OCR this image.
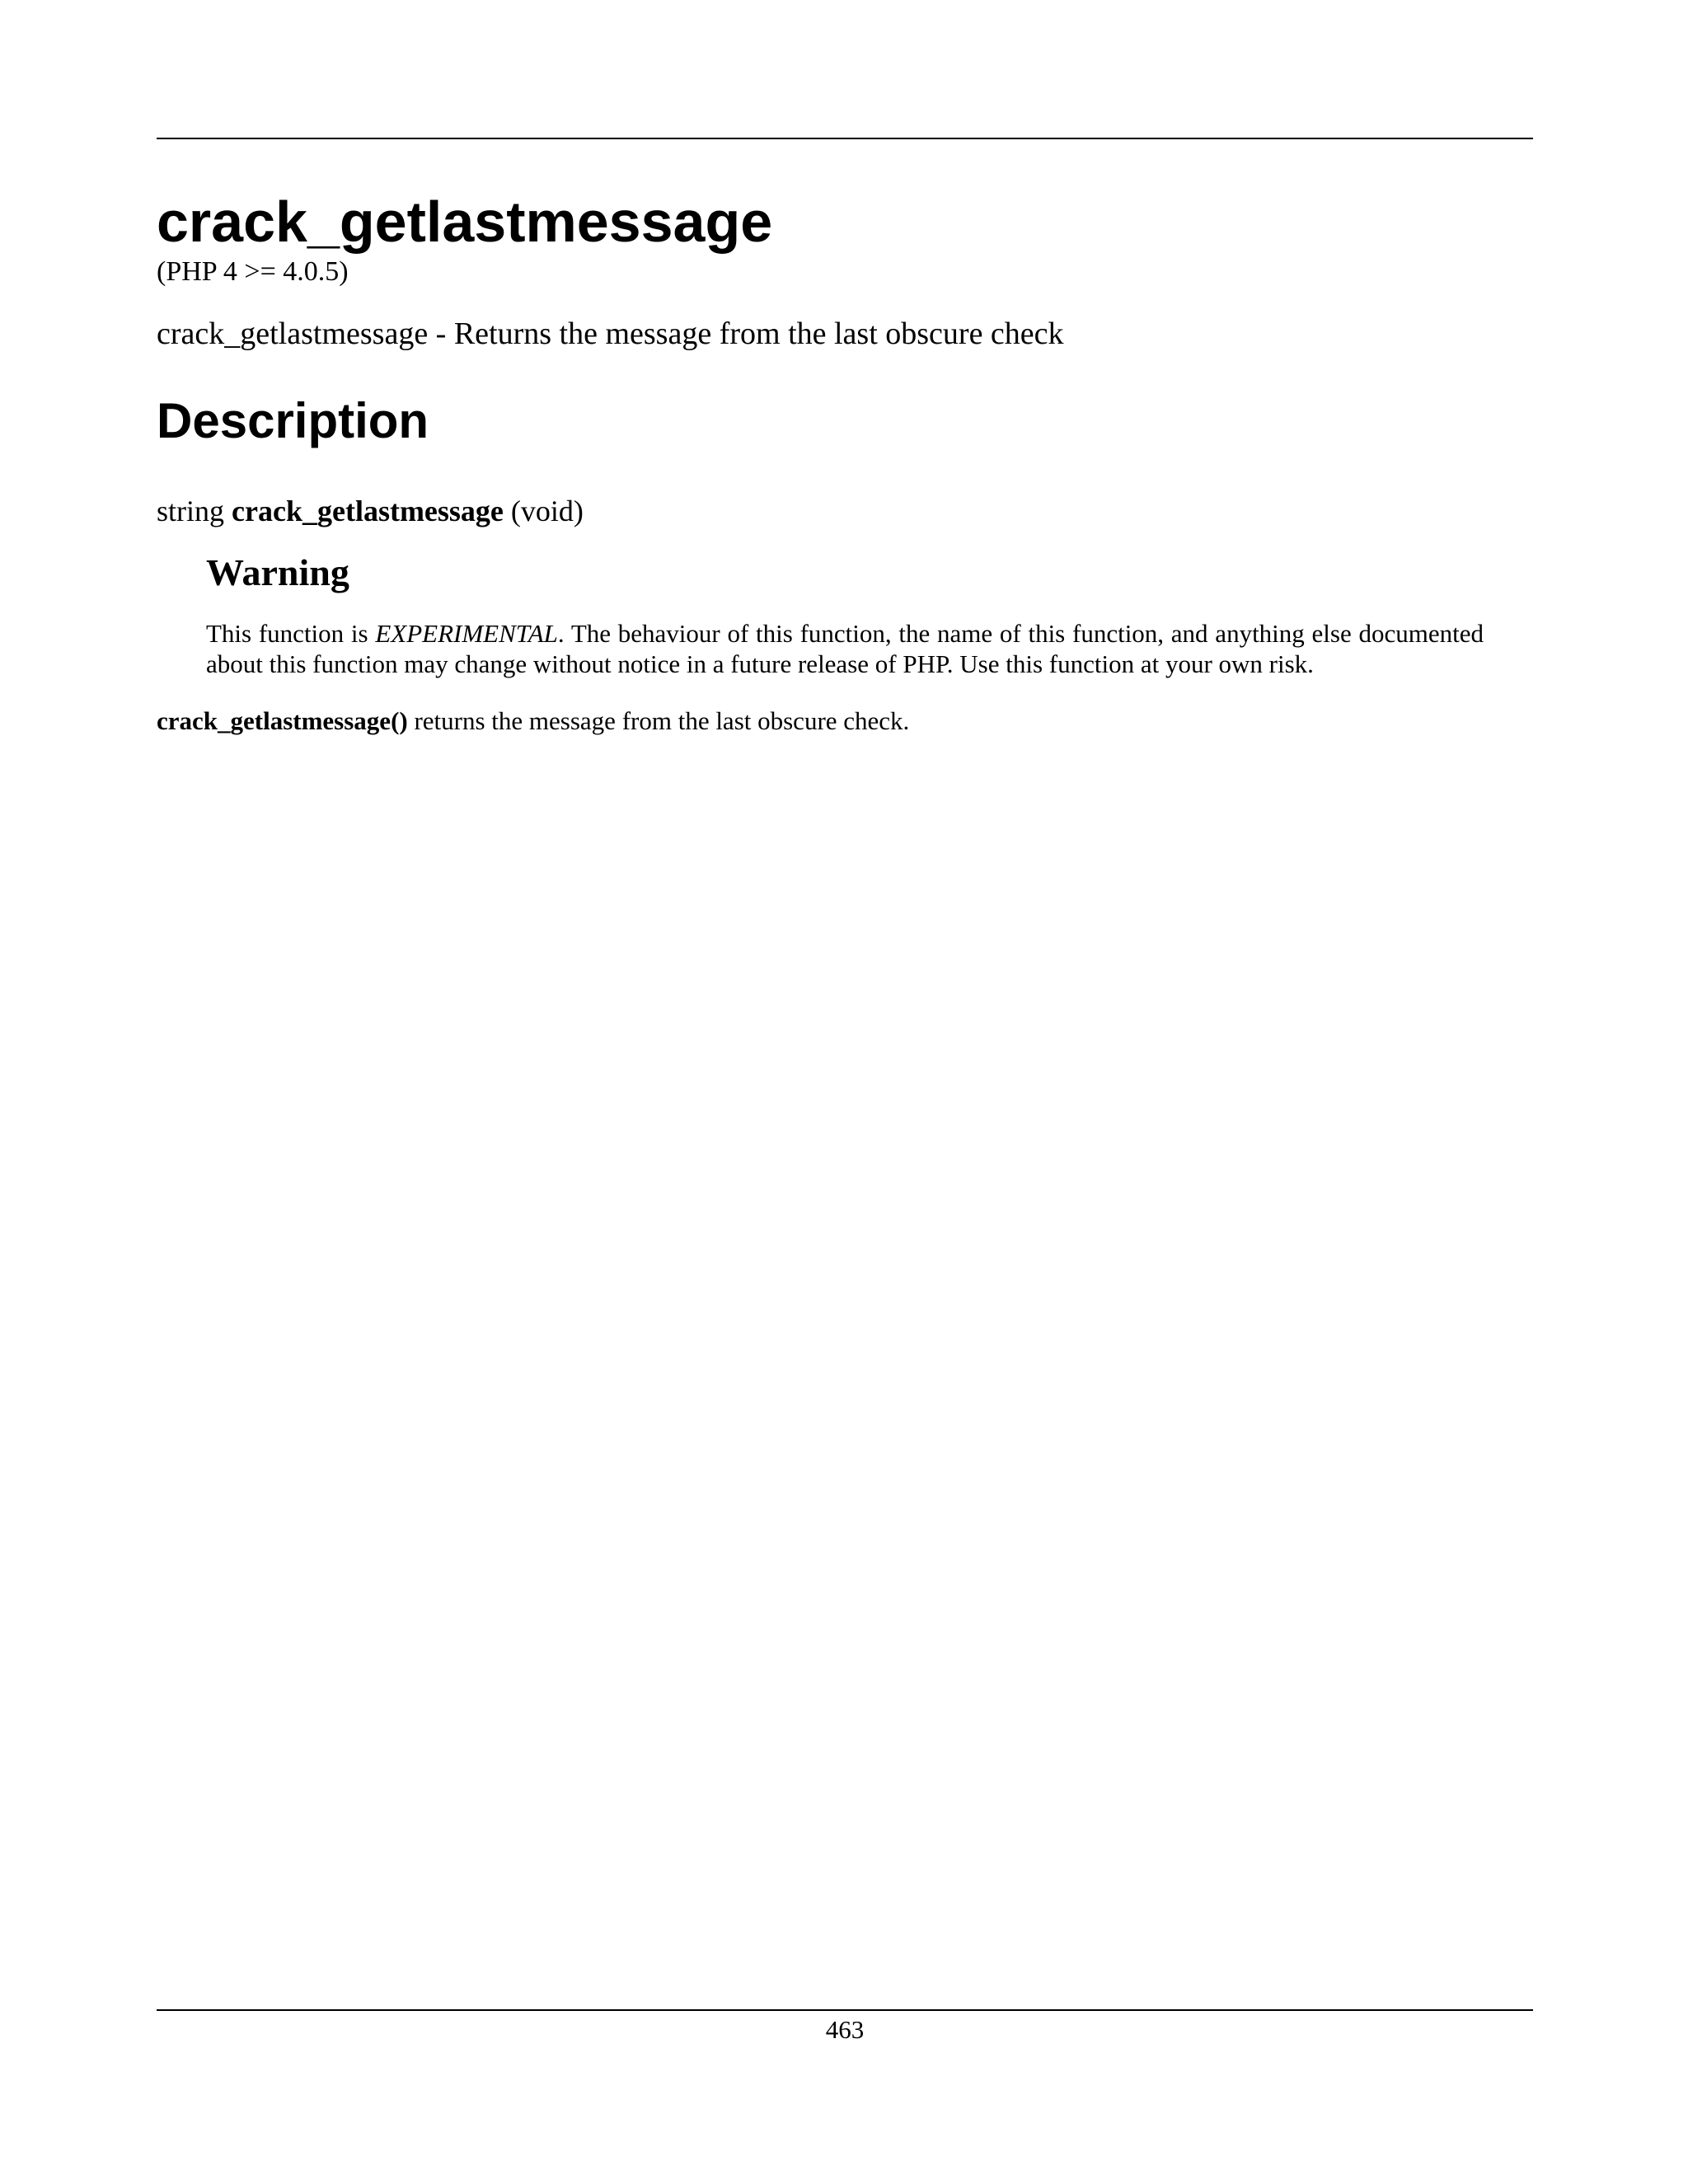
crack_getlastmessage

(PHP 4 >= 4.0.5)

crack_getlastmessage - Returns the message from the last obscure check

Description

string crack_getlastmessage (void)

Warning

This function is EXPERIMENTAL. The behaviour of this function, the name of this function, and anything else documented about this function may change without notice in a future release of PHP. Use this function at your own risk.

crack_getlastmessage() returns the message from the last obscure check.

463
